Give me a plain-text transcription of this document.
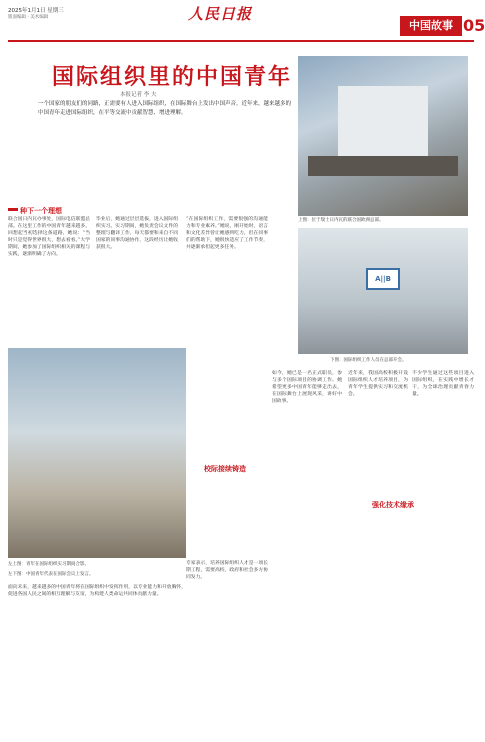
2025年1月1日 星期三
版面编辑 · 美术编辑	人民日报
中国故事 05
国际组织里的中国青年
本报记者 李 夫
一个国家的朋友们的同路，正需要有人进入国际组织，在国际舞台上发出中国声音。近年来，越来越多的中国青年走进国际组织，在平等交流中贡献智慧、增进理解。
上图：位于瑞士日内瓦的联合国欧洲总部。
A||B
下图：国际组织工作人员在总部开会。
左上图：青年在国际组织实习期间合影。
左下图：中国青年代表在国际会议上发言。
种下一个理想
校际接续铸造
强化技术缘承
联合国日内瓦办事处，国际电信联盟总部。在这里工作的中国青年越来越多。回想起当初选择这条道路，她说：“当时只是觉得世界很大，想去看看。”大学期间，她参加了国际组织相关的课程与实践，逐渐明确了方向。
毕业后，她通过层层选拔，进入国际组织实习。实习期间，她负责会议文件的整理与翻译工作，每天都要和来自不同国家的同事沟通协作，这段经历让她收获很大。
“在国际组织工作，需要很强的沟通能力和专业素养。”她说，刚开始时，语言和文化差异曾让她感到吃力，但在同事们的帮助下，她很快适应了工作节奏，并逐渐承担起更多任务。
如今，她已是一名正式职员，参与多个国际项目的协调工作。她希望更多中国青年能够走出去，在国际舞台上展现风采，讲好中国故事。
近年来，我国高校积极开设国际组织人才培养项目，为青年学生提供实习和交流机会。
不少学生通过这些项目进入国际组织，在实践中增长才干，为全球治理贡献青春力量。
专家表示，培养国际组织人才是一项长期工程，需要高校、政府和社会多方协同发力。
面向未来，越来越多的中国青年将在国际组织中发挥作用，以专业能力和开放胸怀，促进各国人民之间的相互理解与友谊，为构建人类命运共同体贡献力量。
